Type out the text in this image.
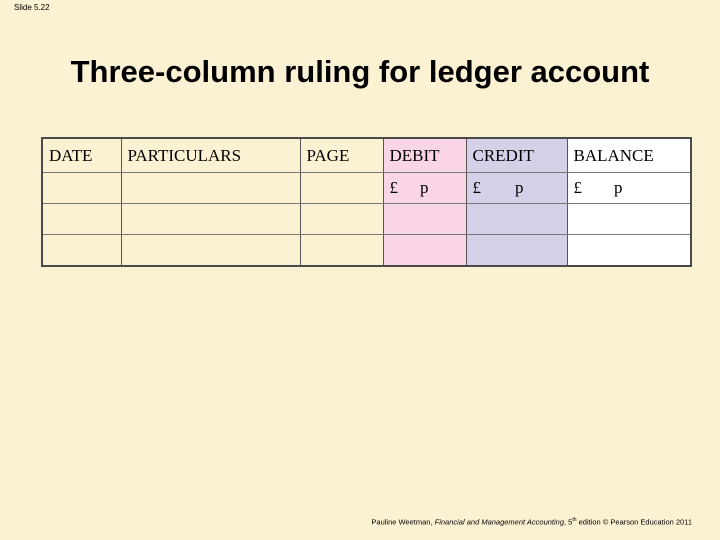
Slide 5.22
Three-column ruling for ledger account
DATE	PARTICULARS	PAGE	DEBIT	CREDIT	BALANCE
			£ p	£ p	£ p

Pauline Weetman, Financial and Management Accounting, 5th edition © Pearson Education 2011
